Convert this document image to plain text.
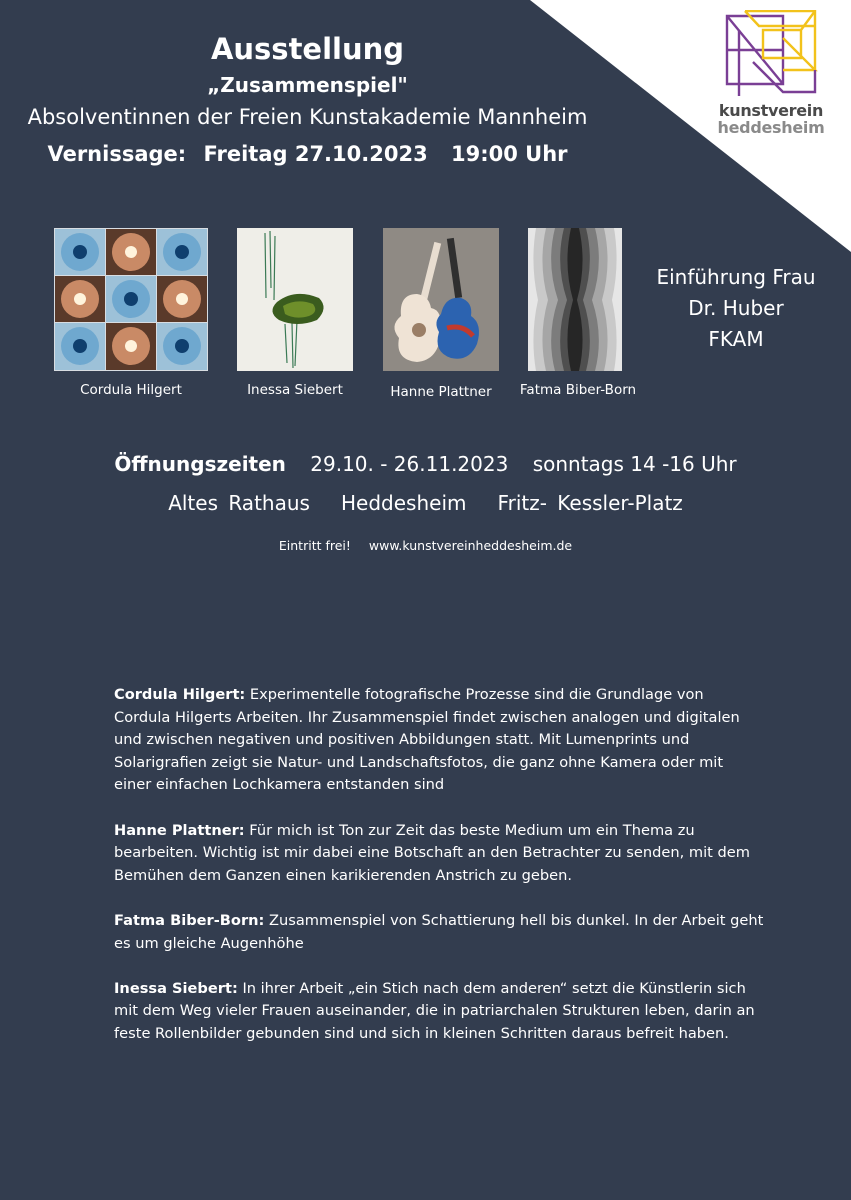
kunstverein
heddesheim

Ausstellung

„Zusammenspiel"

Absolventinnen der Freien Kunstakademie Mannheim

Vernissage: Freitag 27.10.2023 19:00 Uhr

Cordula Hilgert	Inessa Siebert	Hanne Plattner	Fatma Biber-Born
Einführung Frau
Dr. Huber
FKAM
Öffnungszeiten 29.10. - 26.11.2023 sonntags 14 -16 Uhr
Altes Rathaus   Heddesheim   Fritz- Kessler-Platz
Eintritt frei! www.kunstvereinheddesheim.de

Cordula Hilgert: Experimentelle fotografische Prozesse sind die Grundlage von Cordula Hilgerts Arbeiten. Ihr Zusammenspiel findet zwischen analogen und digitalen und zwischen negativen und positiven Abbildungen statt. Mit Lumenprints und Solarigrafien zeigt sie Natur- und Landschaftsfotos, die ganz ohne Kamera oder mit einer einfachen Lochkamera entstanden sind

Hanne Plattner: Für mich ist Ton zur Zeit das beste Medium um ein Thema zu bearbeiten. Wichtig ist mir dabei eine Botschaft an den Betrachter zu senden, mit dem Bemühen dem Ganzen einen karikierenden Anstrich zu geben.

Fatma Biber-Born: Zusammenspiel von Schattierung hell bis dunkel. In der Arbeit geht es um gleiche Augenhöhe

Inessa Siebert: In ihrer Arbeit „ein Stich nach dem anderen“ setzt die Künstlerin sich mit dem Weg vieler Frauen auseinander, die in patriarchalen Strukturen leben, darin an feste Rollenbilder gebunden sind und sich in kleinen Schritten daraus befreit haben.
